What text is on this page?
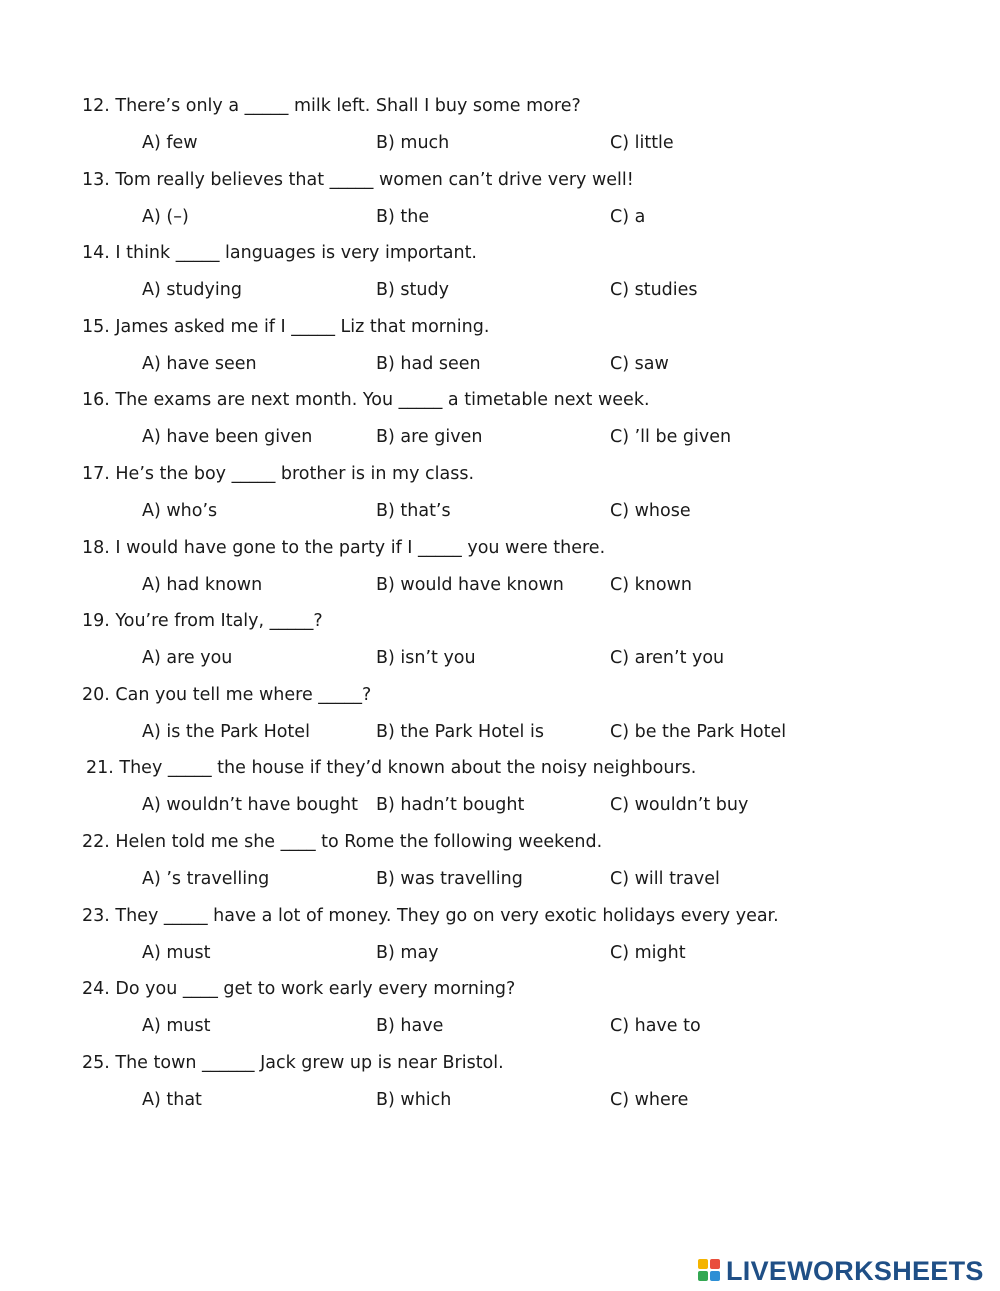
12. There’s only a _____ milk left. Shall I buy some more?
A) few	B) much	C) little
13. Tom really believes that _____ women can’t drive very well!
A) (–)	B) the	C) a
14. I think _____ languages is very important.
A) studying	B) study	C) studies
15. James asked me if I _____ Liz that morning.
A) have seen	B) had seen	C) saw
16. The exams are next month. You _____ a timetable next week.
A) have been given	B) are given	C) ’ll be given
17. He’s the boy _____ brother is in my class.
A) who’s	B) that’s	C) whose
18. I would have gone to the party if I _____ you were there.
A) had known	B) would have known	C) known
19. You’re from Italy, _____?
A) are you	B) isn’t you	C) aren’t you
20. Can you tell me where _____?
A) is the Park Hotel	B) the Park Hotel is	C) be the Park Hotel
21. They _____ the house if they’d known about the noisy neighbours.
A) wouldn’t have bought B) hadn’t bought	C) wouldn’t buy
22. Helen told me she ____ to Rome the following weekend.
A) ’s travelling	B) was travelling	C) will travel
23. They _____ have a lot of money. They go on very exotic holidays every year.
A) must	B) may	C) might
24. Do you ____ get to work early every morning?
A) must	B) have	C) have to
25. The town ______ Jack grew up is near Bristol.
A) that	B) which	C) where
LIVEWORKSHEETS
